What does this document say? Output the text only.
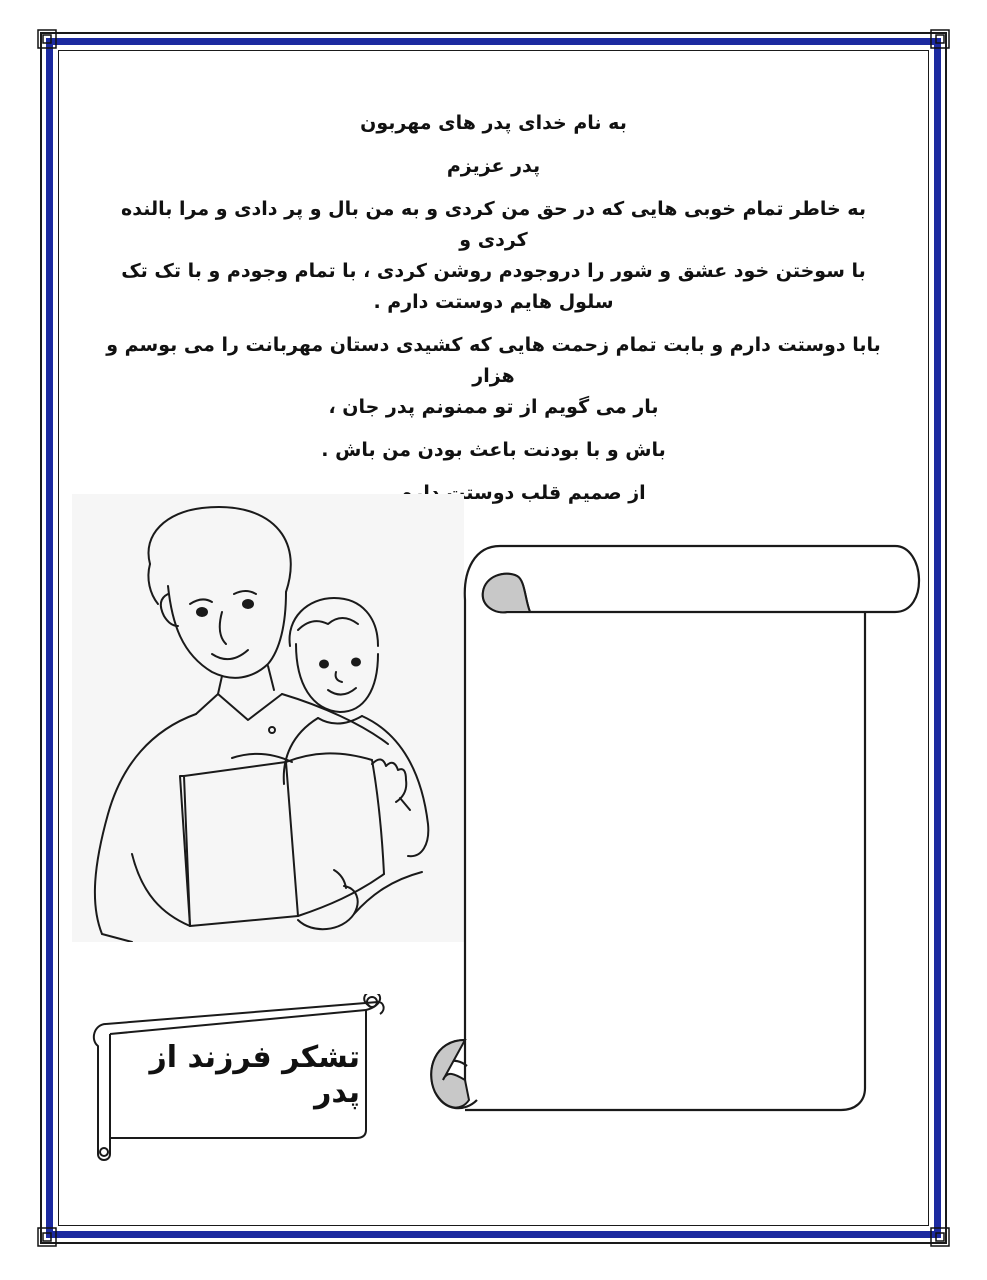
به نام خدای پدر های مهربون
پدر عزیزم
به خاطر تمام خوبی هایی که در حق من کردی و به من بال و پر دادی و مرا بالنده کردی و
با سوختن خود عشق و شور را درو‌جودم روشن کردی ، با تمام وجودم و با تک تک
سلول هایم دوستت دارم .
بابا دوستت دارم و بابت تمام زحمت هایی که کشیدی دستان مهربانت را می بوسم و هزار
بار می گویم از تو ممنونم پدر جان ،
باش و با بودنت باعث بودن من باش .
از صمیم قلب دوستت دارم .......
تشکر فرزند از پدر
